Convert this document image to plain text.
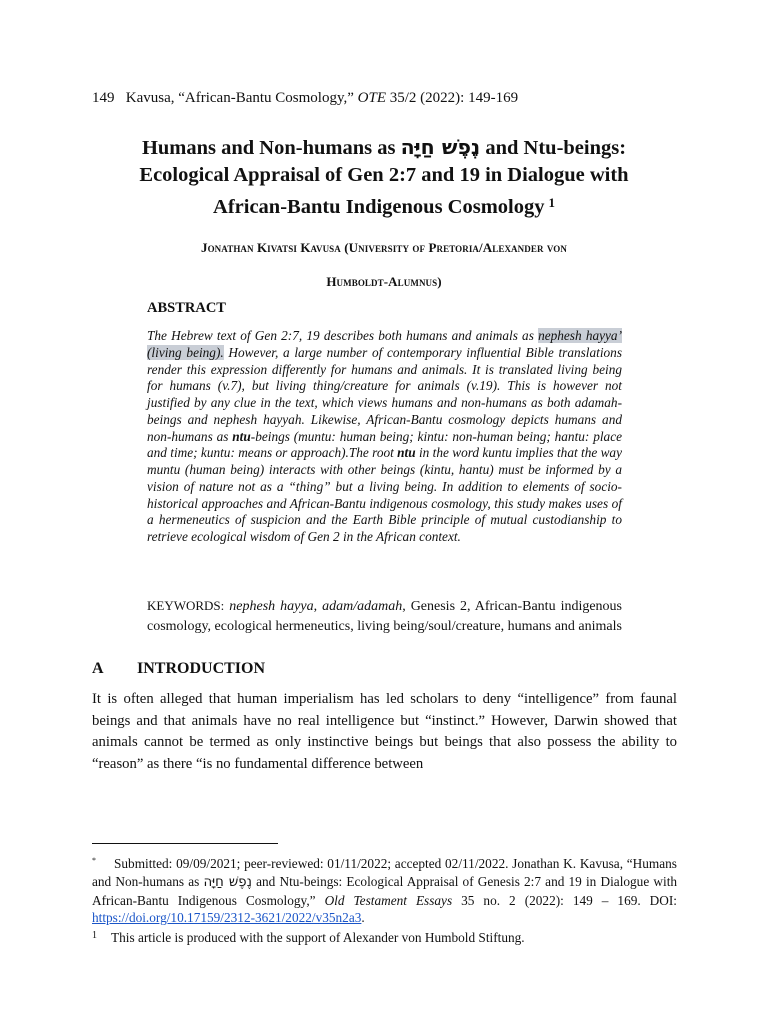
149 Kavusa, “African-Bantu Cosmology,” OTE 35/2 (2022): 149-169
Humans and Non-humans as נֶפֶשׁ חַיָּה and Ntu-beings:
Ecological Appraisal of Gen 2:7 and 19 in Dialogue with
African-Bantu Indigenous Cosmology $^1$
Jonathan Kivatsi Kavusa (University of Pretoria/Alexander von
Humboldt-Alumnus)
ABSTRACT
The Hebrew text of Gen 2:7, 19 describes both humans and animals as nephesh hayya’ (living being). However, a large number of contemporary influential Bible translations render this expression differently for humans and animals. It is translated living being for humans (v.7), but living thing/creature for animals (v.19). This is however not justified by any clue in the text, which views humans and non-humans as both adamah-beings and nephesh hayyah. Likewise, African-Bantu cosmology depicts humans and non-humans as ntu-beings (muntu: human being; kintu: non-human being; hantu: place and time; kuntu: means or approach).The root ntu in the word kuntu implies that the way muntu (human being) interacts with other beings (kintu, hantu) must be informed by a vision of nature not as a “thing” but a living being. In addition to elements of socio-historical approaches and African-Bantu indigenous cosmology, this study makes uses of a hermeneutics of suspicion and the Earth Bible principle of mutual custodianship to retrieve ecological wisdom of Gen 2 in the African context.
KEYWORDS: nephesh hayya, adam/adamah, Genesis 2, African-Bantu indigenous cosmology, ecological hermeneutics, living being/soul/creature, humans and animals
A INTRODUCTION
It is often alleged that human imperialism has led scholars to deny “intelligence” from faunal beings and that animals have no real intelligence but “instinct.” However, Darwin showed that animals cannot be termed as only instinctive beings but beings that also possess the ability to “reason” as there “is no fundamental difference between

* Submitted: 09/09/2021; peer-reviewed: 01/11/2022; accepted 02/11/2022. Jonathan K. Kavusa, “Humans and Non-humans as נֶפֶשׁ חַיָּה and Ntu-beings: Ecological Appraisal of Genesis 2:7 and 19 in Dialogue with African-Bantu Indigenous Cosmology,” Old Testament Essays 35 no. 2 (2022): 149 – 169. DOI: https://doi.org/10.17159/2312-3621/2022/v35n2a3.

$^1$ This article is produced with the support of Alexander von Humbold Stiftung.
